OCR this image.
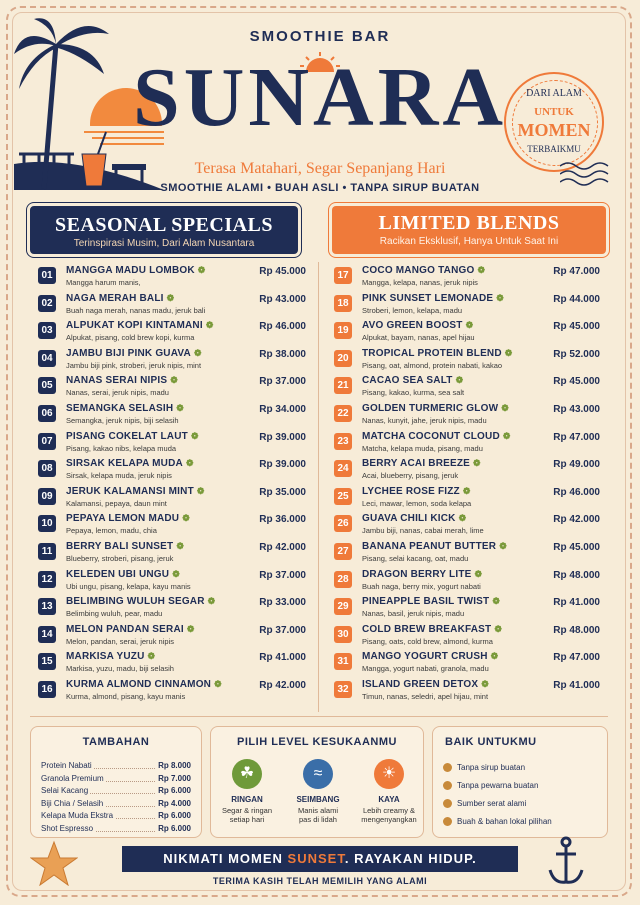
SMOOTHIE BAR
SUNARA
Terasa Matahari, Segar Sepanjang Hari
SMOOTHIE ALAMI • BUAH ASLI • TANPA SIRUP BUATAN
DARI ALAM
UNTUK
MOMEN
TERBAIKMU
SEASONAL SPECIALS
Terinspirasi Musim, Dari Alam Nusantara
LIMITED BLENDS
Racikan Eksklusif, Hanya Untuk Saat Ini
01	MANGGA MADU LOMBOK ❁
Mangga harum manis,
Rp 45.000
02	NAGA MERAH BALI ❁
Buah naga merah, nanas madu, jeruk bali
Rp 43.000
03	ALPUKAT KOPI KINTAMANI ❁
Alpukat, pisang, cold brew kopi, kurma
Rp 46.000
04	JAMBU BIJI PINK GUAVA ❁
Jambu biji pink, stroberi, jeruk nipis, mint
Rp 38.000
05	NANAS SERAI NIPIS ❁
Nanas, serai, jeruk nipis, madu
Rp 37.000
06	SEMANGKA SELASIH ❁
Semangka, jeruk nipis, biji selasih
Rp 34.000
07	PISANG COKELAT LAUT ❁
Pisang, kakao nibs, kelapa muda
Rp 39.000
08	SIRSAK KELAPA MUDA ❁
Sirsak, kelapa muda, jeruk nipis
Rp 39.000
09	JERUK KALAMANSI MINT ❁
Kalamansi, pepaya, daun mint
Rp 35.000
10	PEPAYA LEMON MADU ❁
Pepaya, lemon, madu, chia
Rp 36.000
11	BERRY BALI SUNSET ❁
Blueberry, stroberi, pisang, jeruk
Rp 42.000
12	KELEDEN UBI UNGU ❁
Ubi ungu, pisang, kelapa, kayu manis
Rp 37.000
13	BELIMBING WULUH SEGAR ❁
Belimbing wuluh, pear, madu
Rp 33.000
14	MELON PANDAN SERAI ❁
Melon, pandan, serai, jeruk nipis
Rp 37.000
15	MARKISA YUZU ❁
Markisa, yuzu, madu, biji selasih
Rp 41.000
16	KURMA ALMOND CINNAMON ❁
Kurma, almond, pisang, kayu manis
Rp 42.000
17	COCO MANGO TANGO ❁
Mangga, kelapa, nanas, jeruk nipis
Rp 47.000
18	PINK SUNSET LEMONADE ❁
Stroberi, lemon, kelapa, madu
Rp 44.000
19	AVO GREEN BOOST ❁
Alpukat, bayam, nanas, apel hijau
Rp 45.000
20	TROPICAL PROTEIN BLEND ❁
Pisang, oat, almond, protein nabati, kakao
Rp 52.000
21	CACAO SEA SALT ❁
Pisang, kakao, kurma, sea salt
Rp 45.000
22	GOLDEN TURMERIC GLOW ❁
Nanas, kunyit, jahe, jeruk nipis, madu
Rp 43.000
23	MATCHA COCONUT CLOUD ❁
Matcha, kelapa muda, pisang, madu
Rp 47.000
24	BERRY ACAI BREEZE ❁
Acai, blueberry, pisang, jeruk
Rp 49.000
25	LYCHEE ROSE FIZZ ❁
Leci, mawar, lemon, soda kelapa
Rp 46.000
26	GUAVA CHILI KICK ❁
Jambu biji, nanas, cabai merah, lime
Rp 42.000
27	BANANA PEANUT BUTTER ❁
Pisang, selai kacang, oat, madu
Rp 45.000
28	DRAGON BERRY LITE ❁
Buah naga, berry mix, yogurt nabati
Rp 48.000
29	PINEAPPLE BASIL TWIST ❁
Nanas, basil, jeruk nipis, madu
Rp 41.000
30	COLD BREW BREAKFAST ❁
Pisang, oats, cold brew, almond, kurma
Rp 48.000
31	MANGO YOGURT CRUSH ❁
Mangga, yogurt nabati, granola, madu
Rp 47.000
32	ISLAND GREEN DETOX ❁
Timun, nanas, seledri, apel hijau, mint
Rp 41.000
TAMBAHAN
Protein Nabati	Rp 8.000
Granola Premium	Rp 7.000
Selai Kacang	Rp 6.000
Biji Chia / Selasih	Rp 4.000
Kelapa Muda Ekstra	Rp 6.000
Shot Espresso	Rp 6.000
PILIH LEVEL KESUKAANMU
☘
RINGAN
Segar & ringan
setiap hari
≈
SEIMBANG
Manis alami
pas di lidah
☀
KAYA
Lebih creamy &
mengenyangkan
BAIK UNTUKMU
Tanpa sirup buatan
Tanpa pewarna buatan
Sumber serat alami
Buah & bahan lokal pilihan
NIKMATI MOMEN SUNSET. RAYAKAN HIDUP.
TERIMA KASIH TELAH MEMILIH YANG ALAMI
